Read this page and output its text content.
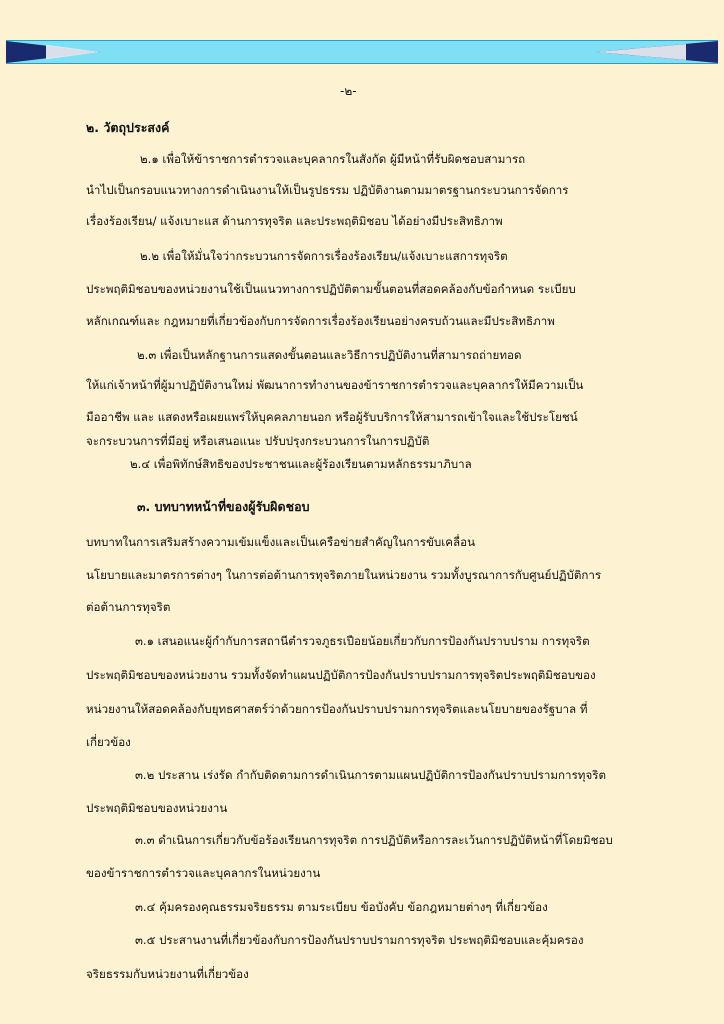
-๒-
๒. วัตถุประสงค์
๒.๑ เพื่อให้ข้าราชการตำรวจและบุคลากรในสังกัด ผู้มีหน้าที่รับผิดชอบสามารถ
นำไปเป็นกรอบแนวทางการดำเนินงานให้เป็นรูปธรรม ปฏิบัติงานตามมาตรฐานกระบวนการจัดการ
เรื่องร้องเรียน/ แจ้งเบาะแส ด้านการทุจริต และประพฤติมิชอบ ได้อย่างมีประสิทธิภาพ
๒.๒ เพื่อให้มั่นใจว่ากระบวนการจัดการเรื่องร้องเรียน/แจ้งเบาะแสการทุจริต
ประพฤติมิชอบของหน่วยงานใช้เป็นแนวทางการปฏิบัติตามขั้นตอนที่สอดคล้องกับข้อกำหนด ระเบียบ
หลักเกณฑ์และ กฎหมายที่เกี่ยวข้องกับการจัดการเรื่องร้องเรียนอย่างครบถ้วนและมีประสิทธิภาพ
๒.๓ เพื่อเป็นหลักฐานการแสดงขั้นตอนและวิธีการปฏิบัติงานที่สามารถถ่ายทอด
ให้แก่เจ้าหน้าที่ผู้มาปฏิบัติงานใหม่ พัฒนาการทำงานของข้าราชการตำรวจและบุคลากรให้มีความเป็น
มืออาชีพ และ แสดงหรือเผยแพร่ให้บุคคลภายนอก หรือผู้รับบริการให้สามารถเข้าใจและใช้ประโยชน์
จะกระบวนการที่มีอยู่ หรือเสนอแนะ ปรับปรุงกระบวนการในการปฏิบัติ
๒.๔ เพื่อพิทักษ์สิทธิของประชาชนและผู้ร้องเรียนตามหลักธรรมาภิบาล
๓. บทบาทหน้าที่ของผู้รับผิดชอบ
บทบาทในการเสริมสร้างความเข้มแข็งและเป็นเครือข่ายสำคัญในการขับเคลื่อน
นโยบายและมาตรการต่างๆ ในการต่อต้านการทุจริตภายในหน่วยงาน รวมทั้งบูรณาการกับศูนย์ปฏิบัติการ
ต่อต้านการทุจริต
๓.๑ เสนอแนะผู้กำกับการสถานีตำรวจภูธรเปือยน้อยเกี่ยวกับการป้องกันปราบปราม การทุจริต
ประพฤติมิชอบของหน่วยงาน รวมทั้งจัดทำแผนปฏิบัติการป้องกันปราบปรามการทุจริตประพฤติมิชอบของ
หน่วยงานให้สอดคล้องกับยุทธศาสตร์ว่าด้วยการป้องกันปราบปรามการทุจริตและนโยบายของรัฐบาล ที่
เกี่ยวข้อง
๓.๒ ประสาน เร่งรัด กำกับติดตามการดำเนินการตามแผนปฏิบัติการป้องกันปราบปรามการทุจริต
ประพฤติมิชอบของหน่วยงาน
๓.๓ ดำเนินการเกี่ยวกับข้อร้องเรียนการทุจริต การปฏิบัติหรือการละเว้นการปฏิบัติหน้าที่โดยมิชอบ
ของข้าราชการตำรวจและบุคลากรในหน่วยงาน
๓.๔ คุ้มครองคุณธรรมจริยธรรม ตามระเบียบ ข้อบังคับ ข้อกฎหมายต่างๆ ที่เกี่ยวข้อง
๓.๕ ประสานงานที่เกี่ยวข้องกับการป้องกันปราบปรามการทุจริต ประพฤติมิชอบและคุ้มครอง
จริยธรรมกับหน่วยงานที่เกี่ยวข้อง
